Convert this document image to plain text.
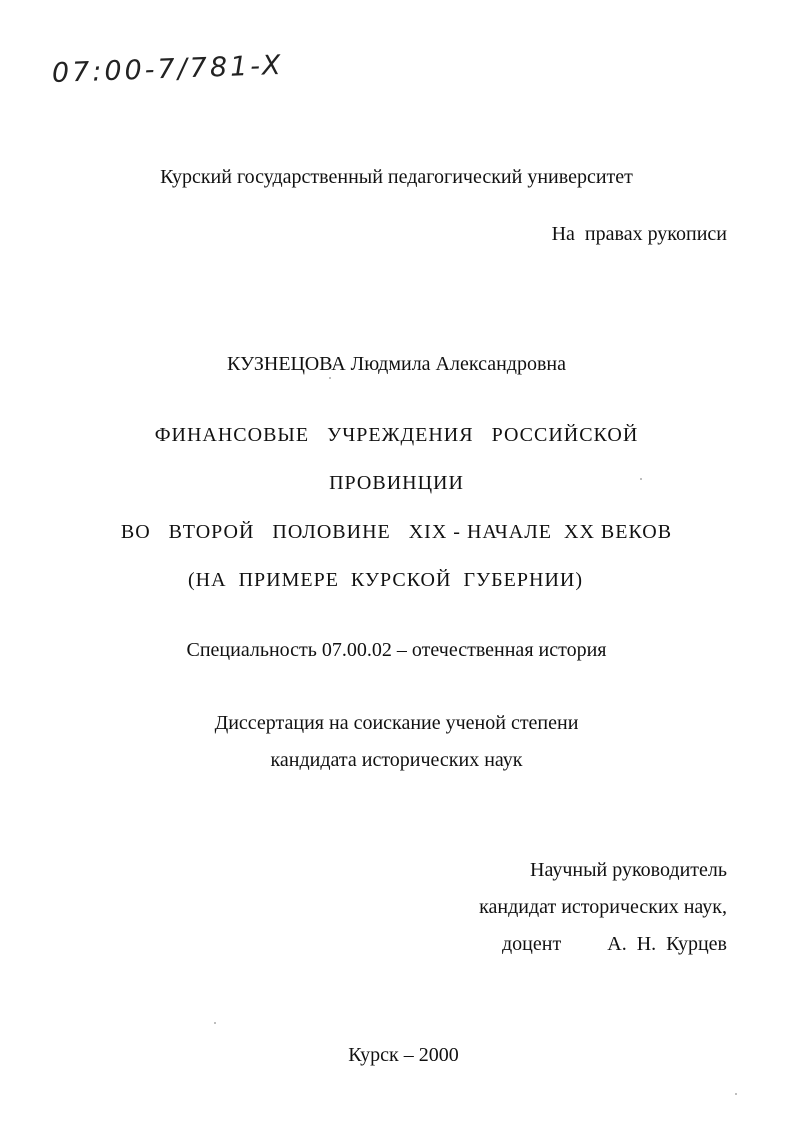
07:00-7/781-X
Курский государственный педагогический университет
На  правах рукописи
КУЗНЕЦОВА Людмила Александровна
ФИНАНСОВЫЕ   УЧРЕЖДЕНИЯ   РОССИЙСКОЙ
ПРОВИНЦИИ
ВО   ВТОРОЙ   ПОЛОВИНЕ   XIX - НАЧАЛЕ  XX ВЕКОВ
(НА  ПРИМЕРЕ  КУРСКОЙ  ГУБЕРНИИ)
Специальность 07.00.02 – отечественная история
Диссертация на соискание ученой степени
кандидата исторических наук
Научный руководитель
кандидат исторических наук,
доцент А.  Н.  Курцев
Курск – 2000
